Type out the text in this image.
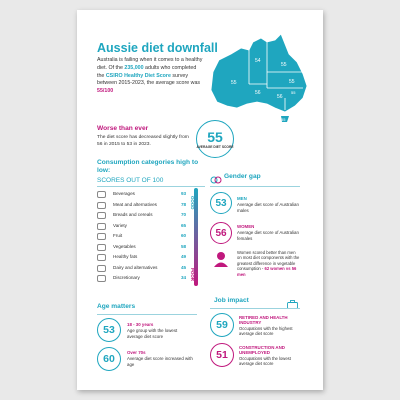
Aussie diet downfall
Australia is failing when it comes to a healthy diet. Of the 235,000 adults who completed the CSIRO Healthy Diet Score survey between 2015-2023, the average score was 55/100
55
54
55
56
55
56
55
55
55
AVERAGE DIET SCORE
Worse than ever
The diet score has decreased slightly from 56 in 2015 to 53 in 2023.
Consumption categories high to low:
SCORES OUT OF 100
Beverages	93
Meat and alternatives	78
Breads and cereals	70
Variety	65
Fruit	60
Vegetables	58
Healthy fats	49
Dairy and alternatives	45
Discretionary	34
GOOD
POOR
Gender gap
53	MEN
Average diet score of Australian males
56
WOMEN
Average diet score of Australian females
Women scored better than men on most diet components with the greatest difference in vegetable consumption - 62 women vs 56 men
Age matters
53	18 - 30 years
Age group with the lowest average diet score
60
Over 70s
Average diet score increased with age
Job impact
59
RETIRED AND HEALTH INDUSTRY
Occupations with the highest average diet score
51
CONSTRUCTION AND UNEMPLOYED
Occupations with the lowest average diet score
